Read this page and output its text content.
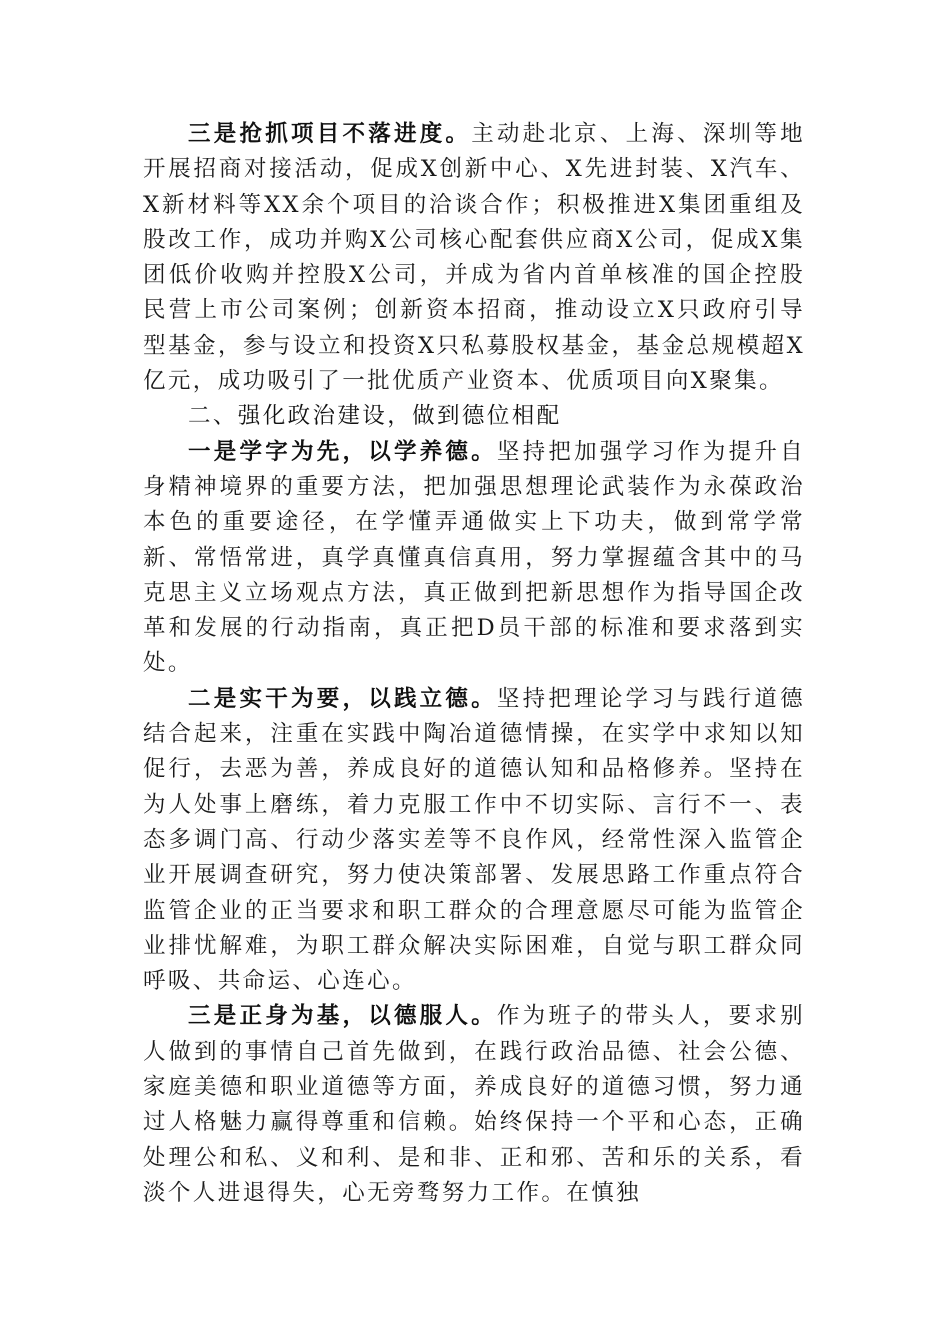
三是抢抓项目不落进度。主动赴北京、上海、深圳等地开展招商对接活动，促成X创新中心、X先进封装、X汽车、X新材料等XX余个项目的洽谈合作；积极推进X集团重组及股改工作，成功并购X公司核心配套供应商X公司，促成X集团低价收购并控股X公司，并成为省内首单核准的国企控股民营上市公司案例；创新资本招商，推动设立X只政府引导型基金，参与设立和投资X只私募股权基金，基金总规模超X亿元，成功吸引了一批优质产业资本、优质项目向X聚集。

二、强化政治建设，做到德位相配

一是学字为先，以学养德。坚持把加强学习作为提升自身精神境界的重要方法，把加强思想理论武装作为永葆政治本色的重要途径，在学懂弄通做实上下功夫，做到常学常新、常悟常进，真学真懂真信真用，努力掌握蕴含其中的马克思主义立场观点方法，真正做到把新思想作为指导国企改革和发展的行动指南，真正把D员干部的标准和要求落到实处。

二是实干为要，以践立德。坚持把理论学习与践行道德结合起来，注重在实践中陶冶道德情操，在实学中求知以知促行，去恶为善，养成良好的道德认知和品格修养。坚持在为人处事上磨练，着力克服工作中不切实际、言行不一、表态多调门高、行动少落实差等不良作风，经常性深入监管企业开展调查研究，努力使决策部署、发展思路工作重点符合监管企业的正当要求和职工群众的合理意愿尽可能为监管企业排忧解难，为职工群众解决实际困难，自觉与职工群众同呼吸、共命运、心连心。

三是正身为基，以德服人。作为班子的带头人，要求别人做到的事情自己首先做到，在践行政治品德、社会公德、家庭美德和职业道德等方面，养成良好的道德习惯，努力通过人格魅力赢得尊重和信赖。始终保持一个平和心态，正确处理公和私、义和利、是和非、正和邪、苦和乐的关系，看淡个人进退得失，心无旁骛努力工作。在慎独
